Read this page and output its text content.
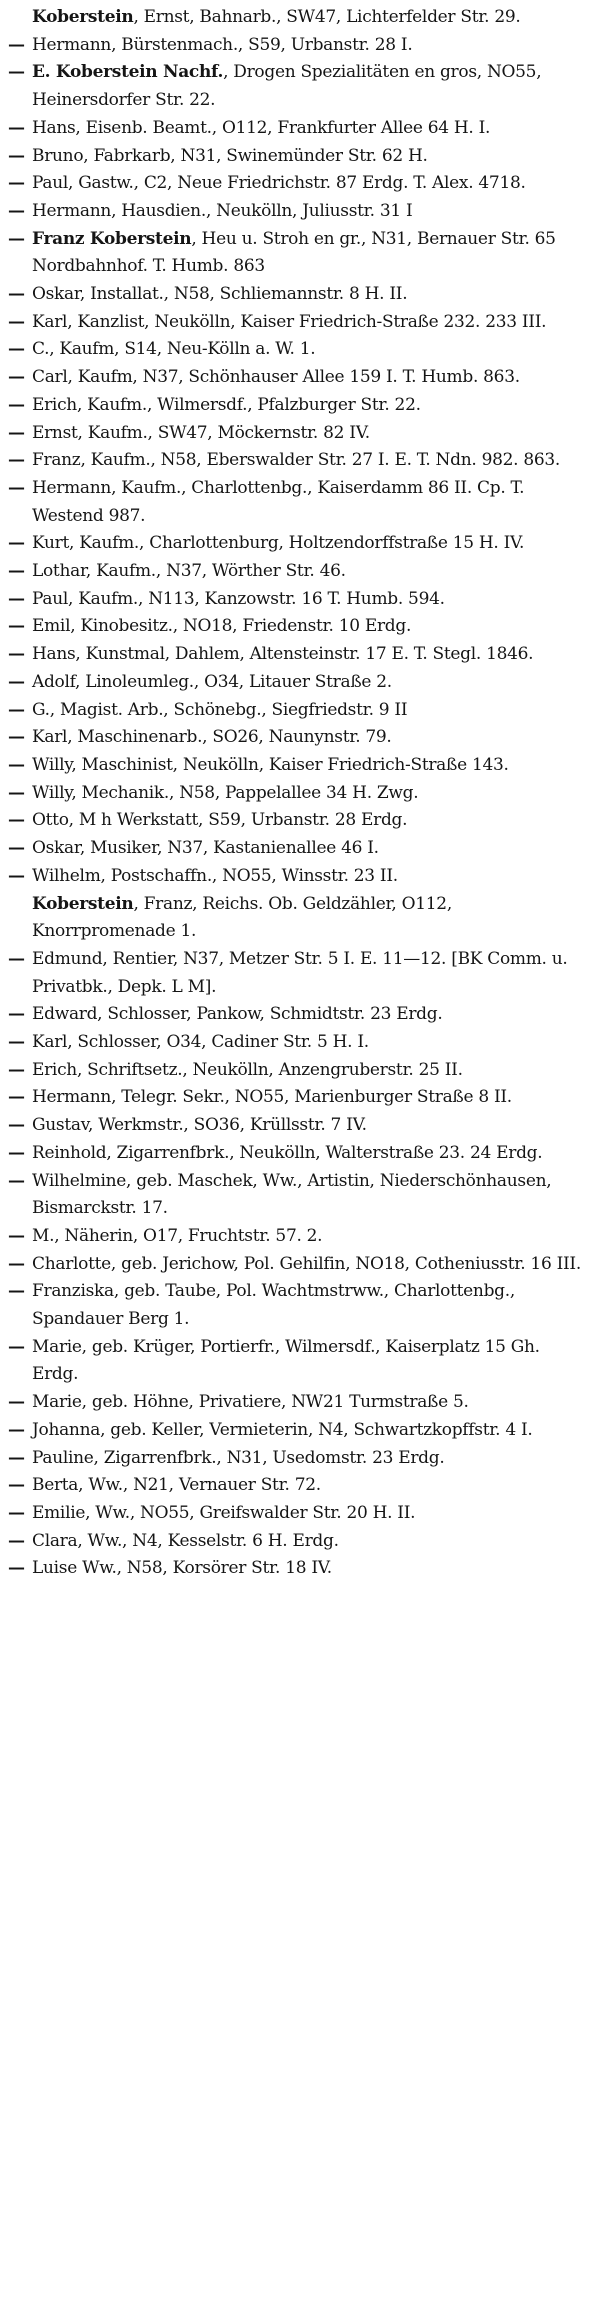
Koberstein, Ernst, Bahnarb., SW47, Lichterfelder Str. 29.

— Hermann, Bürstenmach., S59, Urbanstr. 28 I.

— E. Koberstein Nachf., Drogen Spezialitäten en gros, NO55, Heinersdorfer Str. 22.

— Hans, Eisenb. Beamt., O112, Frankfurter Allee 64 H. I.

— Bruno, Fabrkarb, N31, Swinemünder Str. 62 H.

— Paul, Gastw., C2, Neue Friedrichstr. 87 Erdg. T. Alex. 4718.

— Hermann, Hausdien., Neukölln, Juliusstr. 31 I

— Franz Koberstein, Heu u. Stroh en gr., N31, Bernauer Str. 65 Nordbahnhof. T. Humb. 863

— Oskar, Installat., N58, Schliemannstr. 8 H. II.

— Karl, Kanzlist, Neukölln, Kaiser Friedrich-Straße 232. 233 III.

— C., Kaufm, S14, Neu-Kölln a. W. 1.

— Carl, Kaufm, N37, Schönhauser Allee 159 I. T. Humb. 863.

— Erich, Kaufm., Wilmersdf., Pfalzburger Str. 22.

— Ernst, Kaufm., SW47, Möckernstr. 82 IV.

— Franz, Kaufm., N58, Eberswalder Str. 27 I. E. T. Ndn. 982. 863.

— Hermann, Kaufm., Charlottenbg., Kaiserdamm 86 II. Cp. T. Westend 987.

— Kurt, Kaufm., Charlottenburg, Holtzendorffstraße 15 H. IV.

— Lothar, Kaufm., N37, Wörther Str. 46.

— Paul, Kaufm., N113, Kanzowstr. 16 T. Humb. 594.

— Emil, Kinobesitz., NO18, Friedenstr. 10 Erdg.

— Hans, Kunstmal, Dahlem, Altensteinstr. 17 E. T. Stegl. 1846.

— Adolf, Linoleumleg., O34, Litauer Straße 2.

— G., Magist. Arb., Schönebg., Siegfriedstr. 9 II

— Karl, Maschinenarb., SO26, Naunynstr. 79.

— Willy, Maschinist, Neukölln, Kaiser Friedrich-Straße 143.

— Willy, Mechanik., N58, Pappelallee 34 H. Zwg.

— Otto, M h Werkstatt, S59, Urbanstr. 28 Erdg.

— Oskar, Musiker, N37, Kastanienallee 46 I.

— Wilhelm, Postschaffn., NO55, Winsstr. 23 II.

Koberstein, Franz, Reichs. Ob. Geldzähler, O112, Knorrpromenade 1.

— Edmund, Rentier, N37, Metzer Str. 5 I. E. 11—12. [BK Comm. u. Privatbk., Depk. L M].

— Edward, Schlosser, Pankow, Schmidtstr. 23 Erdg.

— Karl, Schlosser, O34, Cadiner Str. 5 H. I.

— Erich, Schriftsetz., Neukölln, Anzengruberstr. 25 II.

— Hermann, Telegr. Sekr., NO55, Marienburger Straße 8 II.

— Gustav, Werkmstr., SO36, Krüllsstr. 7 IV.

— Reinhold, Zigarrenfbrk., Neukölln, Walterstraße 23. 24 Erdg.

— Wilhelmine, geb. Maschek, Ww., Artistin, Niederschönhausen, Bismarckstr. 17.

— M., Näherin, O17, Fruchtstr. 57. 2.

— Charlotte, geb. Jerichow, Pol. Gehilfin, NO18, Cotheniusstr. 16 III.

— Franziska, geb. Taube, Pol. Wachtmstrww., Charlottenbg., Spandauer Berg 1.

— Marie, geb. Krüger, Portierfr., Wilmersdf., Kaiserplatz 15 Gh. Erdg.

— Marie, geb. Höhne, Privatiere, NW21 Turmstraße 5.

— Johanna, geb. Keller, Vermieterin, N4, Schwartzkopffstr. 4 I.

— Pauline, Zigarrenfbrk., N31, Usedomstr. 23 Erdg.

— Berta, Ww., N21, Vernauer Str. 72.

— Emilie, Ww., NO55, Greifswalder Str. 20 H. II.

— Clara, Ww., N4, Kesselstr. 6 H. Erdg.

— Luise Ww., N58, Korsörer Str. 18 IV.
